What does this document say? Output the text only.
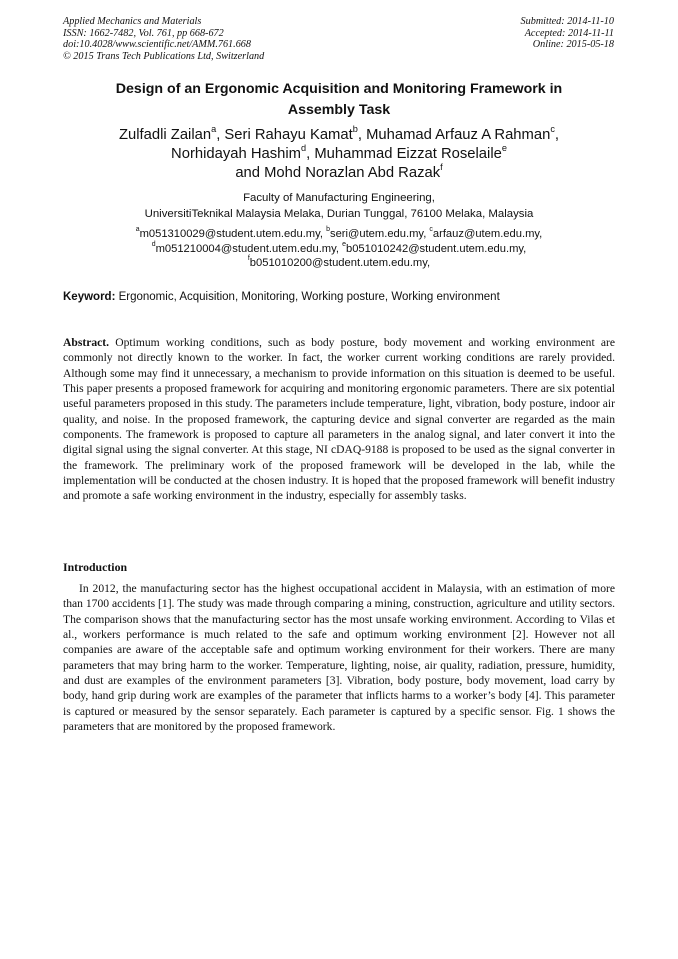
Applied Mechanics and Materials
ISSN: 1662-7482, Vol. 761, pp 668-672
doi:10.4028/www.scientific.net/AMM.761.668
© 2015 Trans Tech Publications Ltd, Switzerland
Submitted: 2014-11-10
Accepted: 2014-11-11
Online: 2015-05-18
Design of an Ergonomic Acquisition and Monitoring Framework in
Assembly Task
Zulfadli Zailan$^a$, Seri Rahayu Kamat$^b$, Muhamad Arfauz A Rahman$^c$,
Norhidayah Hashim$^d$, Muhammad Eizzat Roselaile$^e$
and Mohd Norazlan Abd Razak$^f$
Faculty of Manufacturing Engineering,
UniversitiTeknikal Malaysia Melaka, Durian Tunggal, 76100 Melaka, Malaysia
$^a$m051310029@student.utem.edu.my, $^b$seri@utem.edu.my, $^c$arfauz@utem.edu.my,
$^d$m051210004@student.utem.edu.my, $^e$b051010242@student.utem.edu.my,
$^f$b051010200@student.utem.edu.my,
Keyword: Ergonomic, Acquisition, Monitoring, Working posture, Working environment
Abstract. Optimum working conditions, such as body posture, body movement and working environment are commonly not directly known to the worker. In fact, the worker current working conditions are rarely provided. Although some may find it unnecessary, a mechanism to provide information on this situation is deemed to be useful. This paper presents a proposed framework for acquiring and monitoring ergonomic parameters. There are six potential useful parameters proposed in this study. The parameters include temperature, light, vibration, body posture, indoor air quality, and noise. In the proposed framework, the capturing device and signal converter are regarded as the main components. The framework is proposed to capture all parameters in the analog signal, and later convert it into the digital signal using the signal converter. At this stage, NI cDAQ-9188 is proposed to be used as the signal converter in the framework. The preliminary work of the proposed framework will be developed in the lab, while the implementation will be conducted at the chosen industry. It is hoped that the proposed framework will benefit industry and promote a safe working environment in the industry, especially for assembly tasks.
Introduction
In 2012, the manufacturing sector has the highest occupational accident in Malaysia, with an estimation of more than 1700 accidents [1]. The study was made through comparing a mining, construction, agriculture and utility sectors. The comparison shows that the manufacturing sector has the most unsafe working environment. According to Vilas et al., workers performance is much related to the safe and optimum working environment [2]. However not all companies are aware of the acceptable safe and optimum working environment for their workers. There are many parameters that may bring harm to the worker. Temperature, lighting, noise, air quality, radiation, pressure, humidity, and dust are examples of the environment parameters [3]. Vibration, body posture, body movement, load carry by body, hand grip during work are examples of the parameter that inflicts harms to a worker’s body [4]. This parameter is captured or measured by the sensor separately. Each parameter is captured by a specific sensor. Fig. 1 shows the parameters that are monitored by the proposed framework.
